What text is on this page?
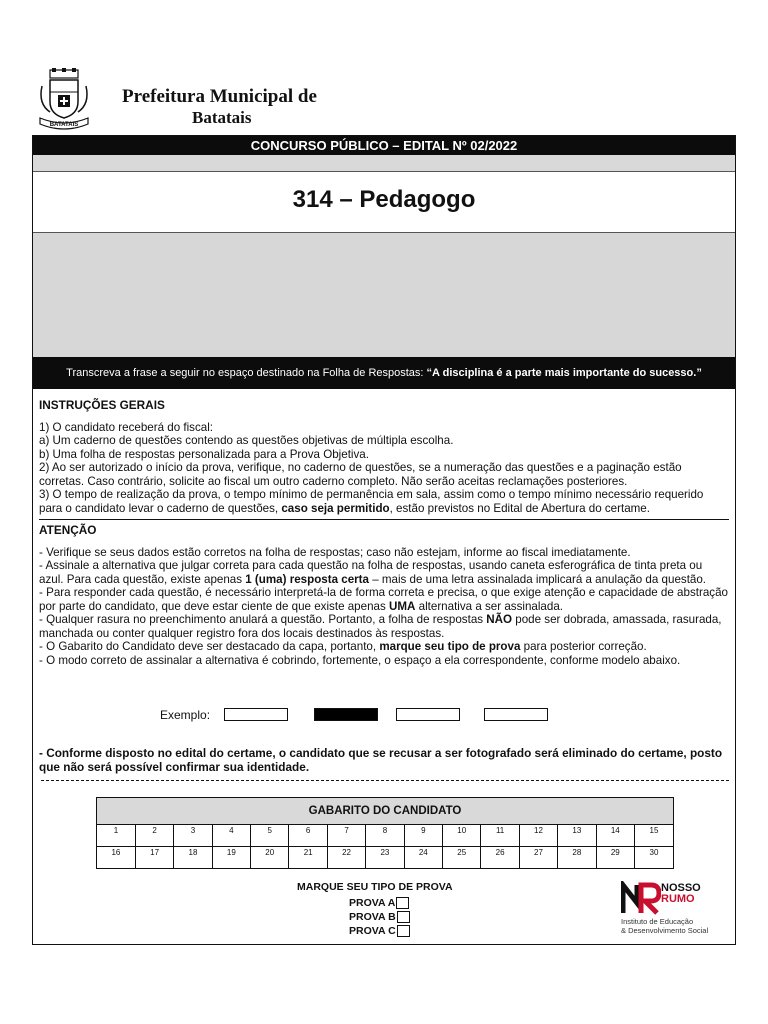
BATATAIS
Prefeitura Municipal de
Batatais
CONCURSO PÚBLICO – EDITAL Nº 02/2022
314 – Pedagogo
Transcreva a frase a seguir no espaço destinado na Folha de Respostas: “A disciplina é a parte mais importante do sucesso.”

INSTRUÇÕES GERAIS

1) O candidato receberá do fiscal:

a) Um caderno de questões contendo as questões objetivas de múltipla escolha.

b) Uma folha de respostas personalizada para a Prova Objetiva.

2) Ao ser autorizado o início da prova, verifique, no caderno de questões, se a numeração das questões e a paginação estão corretas. Caso contrário, solicite ao fiscal um outro caderno completo. Não serão aceitas reclamações posteriores.

3) O tempo de realização da prova, o tempo mínimo de permanência em sala, assim como o tempo mínimo necessário requerido para o candidato levar o caderno de questões, caso seja permitido, estão previstos no Edital de Abertura do certame.

ATENÇÃO

- Verifique se seus dados estão corretos na folha de respostas; caso não estejam, informe ao fiscal imediatamente.

- Assinale a alternativa que julgar correta para cada questão na folha de respostas, usando caneta esferográfica de tinta preta ou azul. Para cada questão, existe apenas 1 (uma) resposta certa – mais de uma letra assinalada implicará a anulação da questão.

- Para responder cada questão, é necessário interpretá-la de forma correta e precisa, o que exige atenção e capacidade de abstração por parte do candidato, que deve estar ciente de que existe apenas UMA alternativa a ser assinalada.

- Qualquer rasura no preenchimento anulará a questão. Portanto, a folha de respostas NÃO pode ser dobrada, amassada, rasurada, manchada ou conter qualquer registro fora dos locais destinados às respostas.

- O Gabarito do Candidato deve ser destacado da capa, portanto, marque seu tipo de prova para posterior correção.

- O modo correto de assinalar a alternativa é cobrindo, fortemente, o espaço a ela correspondente, conforme modelo abaixo.

Exemplo:
- Conforme disposto no edital do certame, o candidato que se recusar a ser fotografado será eliminado do certame, posto que não será possível confirmar sua identidade.
GABARITO DO CANDIDATO
1	2	3	4	5	6	7	8	9	10	11	12	13	14	15
16	17	18	19	20	21	22	23	24	25	26	27	28	29	30
MARQUE SEU TIPO DE PROVA
PROVA A
PROVA B
PROVA C
NOSSO
RUMO
Instituto de Educação
& Desenvolvimento Social
